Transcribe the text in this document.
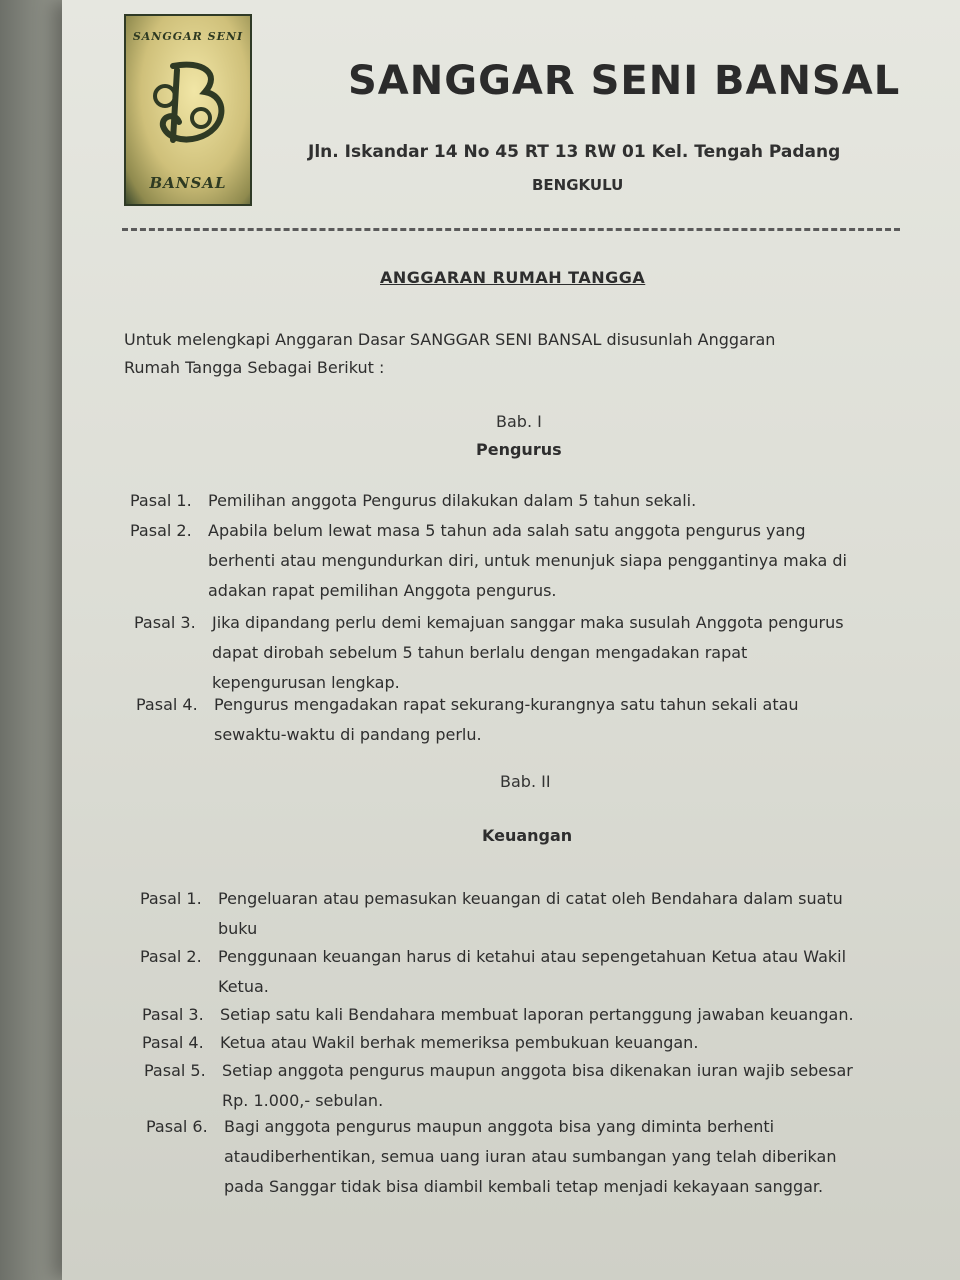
SANGGAR SENI
BANSAL
SANGGAR SENI BANSAL
Jln. Iskandar 14 No 45 RT 13 RW 01 Kel. Tengah Padang
BENGKULU
ANGGARAN RUMAH TANGGA
Untuk melengkapi Anggaran Dasar SANGGAR SENI BANSAL disusunlah Anggaran
Rumah Tangga Sebagai Berikut :
Bab. I
Pengurus
Pasal 1. Pemilihan anggota Pengurus dilakukan dalam 5 tahun sekali.
Pasal 2. Apabila belum lewat masa 5 tahun ada salah satu anggota pengurus yang
berhenti atau mengundurkan diri, untuk menunjuk siapa penggantinya maka di
adakan rapat pemilihan Anggota pengurus.
Pasal 3. Jika dipandang perlu demi kemajuan sanggar maka susulah Anggota pengurus
dapat dirobah sebelum 5 tahun berlalu dengan mengadakan rapat
kepengurusan lengkap.
Pasal 4. Pengurus mengadakan rapat sekurang-kurangnya satu tahun sekali atau
sewaktu-waktu di pandang perlu.
Bab. II
Keuangan
Pasal 1. Pengeluaran atau pemasukan keuangan di catat oleh Bendahara dalam suatu
buku
Pasal 2. Penggunaan keuangan harus di ketahui atau sepengetahuan Ketua atau Wakil
Ketua.
Pasal 3. Setiap satu kali Bendahara membuat laporan pertanggung jawaban keuangan.
Pasal 4. Ketua atau Wakil berhak memeriksa pembukuan keuangan.
Pasal 5. Setiap anggota pengurus maupun anggota bisa dikenakan iuran wajib sebesar
Rp. 1.000,- sebulan.
Pasal 6. Bagi anggota pengurus maupun anggota bisa yang diminta berhenti
ataudiberhentikan, semua uang iuran atau sumbangan yang telah diberikan
pada Sanggar tidak bisa diambil kembali tetap menjadi kekayaan sanggar.
